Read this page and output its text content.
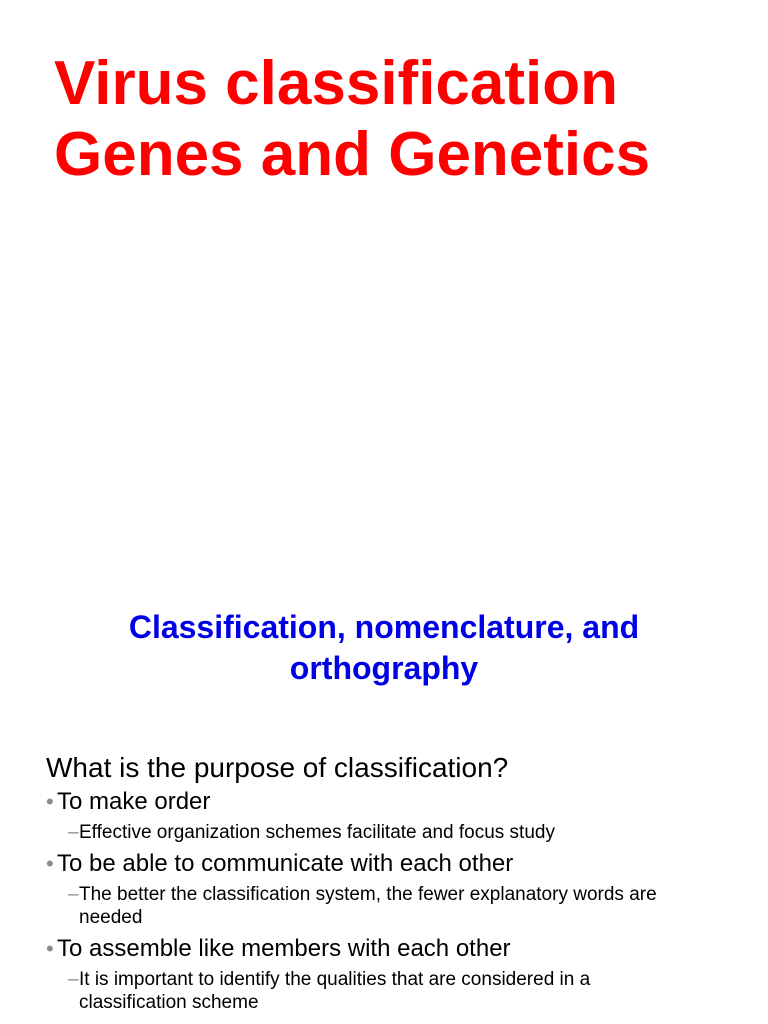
Virus classification
Genes and Genetics
Classification, nomenclature, and
orthography

What is the purpose of classification?

• To make order
– Effective organization schemes facilitate and focus study
• To be able to communicate with each other
– The better the classification system, the fewer explanatory words are needed
• To assemble like members with each other
– It is important to identify the qualities that are considered in a classification scheme
